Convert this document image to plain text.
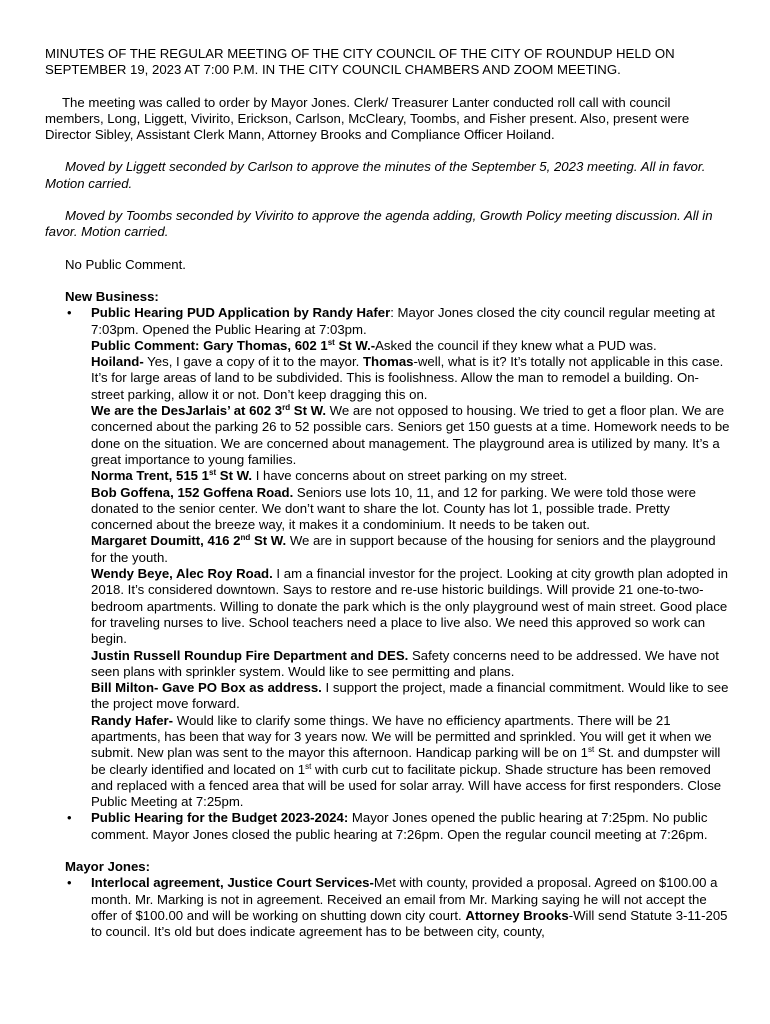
MINUTES OF THE REGULAR MEETING OF THE CITY COUNCIL OF THE CITY OF ROUNDUP HELD ON SEPTEMBER 19, 2023 AT 7:00 P.M. IN THE CITY COUNCIL CHAMBERS AND ZOOM MEETING.

The meeting was called to order by Mayor Jones. Clerk/ Treasurer Lanter conducted roll call with council members, Long, Liggett, Vivirito, Erickson, Carlson, McCleary, Toombs, and Fisher present. Also, present were Director Sibley, Assistant Clerk Mann, Attorney Brooks and Compliance Officer Hoiland.

Moved by Liggett seconded by Carlson to approve the minutes of the September 5, 2023 meeting. All in favor. Motion carried.

Moved by Toombs seconded by Vivirito to approve the agenda adding, Growth Policy meeting discussion. All in favor. Motion carried.

No Public Comment.

New Business:

• Public Hearing PUD Application by Randy Hafer: Mayor Jones closed the city council regular meeting at 7:03pm. Opened the Public Hearing at 7:03pm.

Public Comment: Gary Thomas, 602 1st St W.-Asked the council if they knew what a PUD was.

Hoiland- Yes, I gave a copy of it to the mayor. Thomas-well, what is it? It’s totally not applicable in this case. It’s for large areas of land to be subdivided. This is foolishness. Allow the man to remodel a building. On-street parking, allow it or not. Don’t keep dragging this on.

We are the DesJarlais’ at 602 3rd St W. We are not opposed to housing. We tried to get a floor plan. We are concerned about the parking 26 to 52 possible cars. Seniors get 150 guests at a time. Homework needs to be done on the situation. We are concerned about management. The playground area is utilized by many. It’s a great importance to young families.

Norma Trent, 515 1st St W. I have concerns about on street parking on my street.

Bob Goffena, 152 Goffena Road. Seniors use lots 10, 11, and 12 for parking. We were told those were donated to the senior center. We don’t want to share the lot. County has lot 1, possible trade. Pretty concerned about the breeze way, it makes it a condominium. It needs to be taken out.

Margaret Doumitt, 416 2nd St W. We are in support because of the housing for seniors and the playground for the youth.

Wendy Beye, Alec Roy Road. I am a financial investor for the project. Looking at city growth plan adopted in 2018. It’s considered downtown. Says to restore and re-use historic buildings. Will provide 21 one-to-two-bedroom apartments. Willing to donate the park which is the only playground west of main street. Good place for traveling nurses to live. School teachers need a place to live also. We need this approved so work can begin.

Justin Russell Roundup Fire Department and DES. Safety concerns need to be addressed. We have not seen plans with sprinkler system. Would like to see permitting and plans.

Bill Milton- Gave PO Box as address. I support the project, made a financial commitment. Would like to see the project move forward.

Randy Hafer- Would like to clarify some things. We have no efficiency apartments. There will be 21 apartments, has been that way for 3 years now. We will be permitted and sprinkled. You will get it when we submit. New plan was sent to the mayor this afternoon. Handicap parking will be on 1st St. and dumpster will be clearly identified and located on 1st with curb cut to facilitate pickup. Shade structure has been removed and replaced with a fenced area that will be used for solar array. Will have access for first responders. Close Public Meeting at 7:25pm.

• Public Hearing for the Budget 2023-2024: Mayor Jones opened the public hearing at 7:25pm. No public comment. Mayor Jones closed the public hearing at 7:26pm. Open the regular council meeting at 7:26pm.

Mayor Jones:

• Interlocal agreement, Justice Court Services-Met with county, provided a proposal. Agreed on $100.00 a month. Mr. Marking is not in agreement. Received an email from Mr. Marking saying he will not accept the offer of $100.00 and will be working on shutting down city court. Attorney Brooks-Will send Statute 3-11-205 to council. It’s old but does indicate agreement has to be between city, county,
